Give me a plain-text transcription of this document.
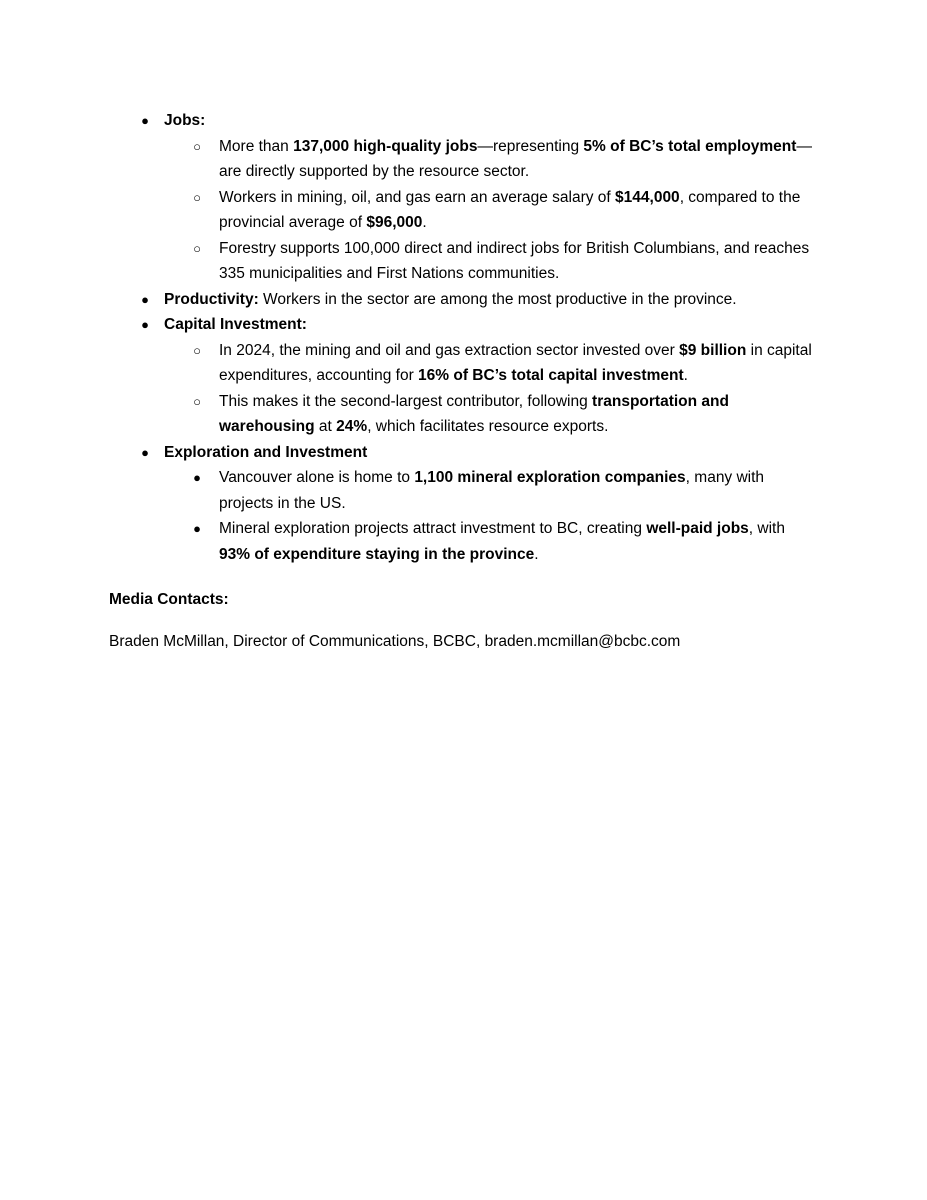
● Jobs:
○	More than 137,000 high-quality jobs—representing 5% of BC’s total employment—are directly supported by the resource sector.
○	Workers in mining, oil, and gas earn an average salary of $144,000, compared to the provincial average of $96,000.
○	Forestry supports 100,000 direct and indirect jobs for British Columbians, and reaches 335 municipalities and First Nations communities.
● Productivity: Workers in the sector are among the most productive in the province.
● Capital Investment:
○	In 2024, the mining and oil and gas extraction sector invested over $9 billion in capital expenditures, accounting for 16% of BC’s total capital investment.
○	This makes it the second-largest contributor, following transportation and warehousing at 24%, which facilitates resource exports.
● Exploration and Investment
●	Vancouver alone is home to 1,100 mineral exploration companies, many with projects in the US.
●	Mineral exploration projects attract investment to BC, creating well-paid jobs, with 93% of expenditure staying in the province.
Media Contacts:
Braden McMillan, Director of Communications, BCBC, braden.mcmillan@bcbc.com
